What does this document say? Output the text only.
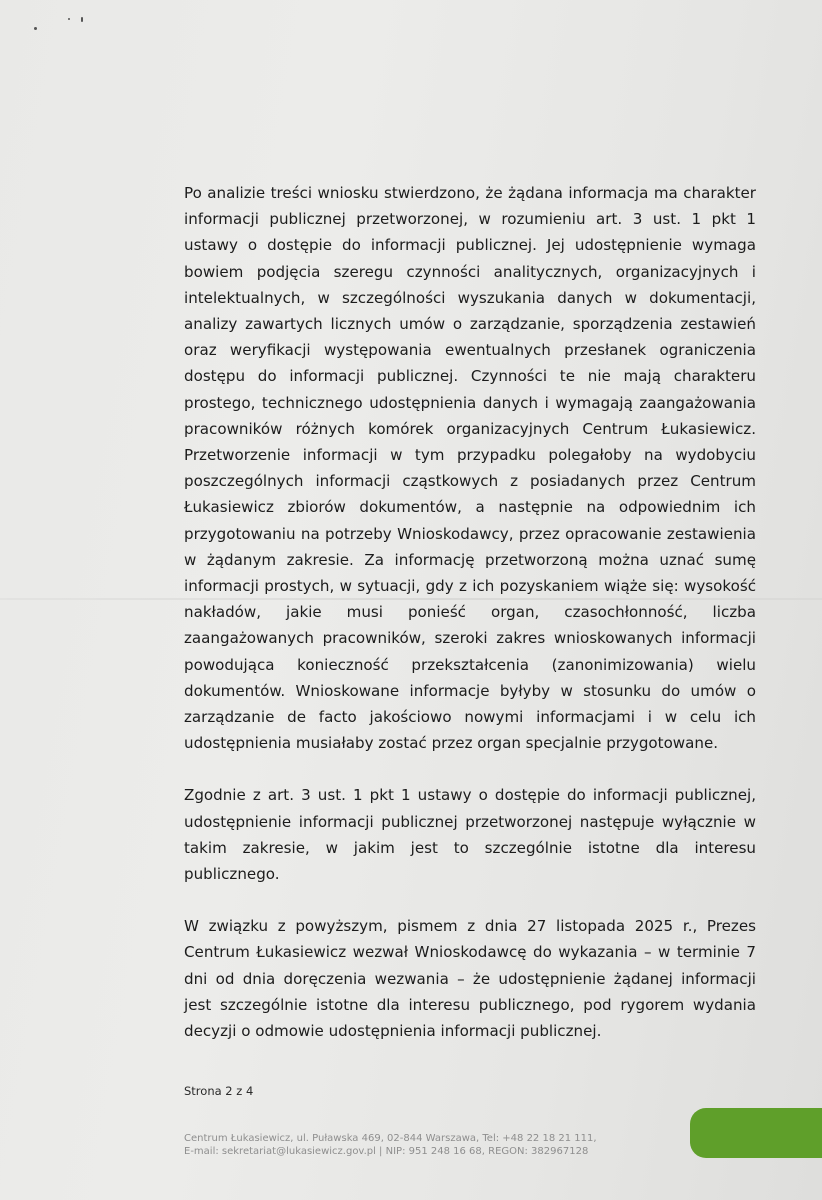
Po analizie treści wniosku stwierdzono, że żądana informacja ma charakter informacji publicznej przetworzonej, w rozumieniu art. 3 ust. 1 pkt 1 ustawy o dostępie do informacji publicznej. Jej udostępnienie wymaga bowiem podjęcia szeregu czynności analitycznych, organizacyjnych i intelektualnych, w szczególności wyszukania danych w dokumentacji, analizy zawartych licznych umów o zarządzanie, sporządzenia zestawień oraz weryfikacji występowania ewentualnych przesłanek ograniczenia dostępu do informacji publicznej. Czynności te nie mają charakteru prostego, technicznego udostępnienia danych i wymagają zaangażowania pracowników różnych komórek organizacyjnych Centrum Łukasiewicz. Przetworzenie informacji w tym przypadku polegałoby na wydobyciu poszczególnych informacji cząstkowych z posiadanych przez Centrum Łukasiewicz zbiorów dokumentów, a następnie na odpowiednim ich przygotowaniu na potrzeby Wnioskodawcy, przez opracowanie zestawienia w żądanym zakresie. Za informację przetworzoną można uznać sumę informacji prostych, w sytuacji, gdy z ich pozyskaniem wiąże się: wysokość nakładów, jakie musi ponieść organ, czasochłonność, liczba zaangażowanych pracowników, szeroki zakres wnioskowanych informacji powodująca konieczność przekształcenia (zanonimizowania) wielu dokumentów. Wnioskowane informacje byłyby w stosunku do umów o zarządzanie de facto jakościowo nowymi informacjami i w celu ich udostępnienia musiałaby zostać przez organ specjalnie przygotowane.

Zgodnie z art. 3 ust. 1 pkt 1 ustawy o dostępie do informacji publicznej, udostępnienie informacji publicznej przetworzonej następuje wyłącznie w takim zakresie, w jakim jest to szczególnie istotne dla interesu publicznego.

W związku z powyższym, pismem z dnia 27 listopada 2025 r., Prezes Centrum Łukasiewicz wezwał Wnioskodawcę do wykazania – w terminie 7 dni od dnia doręczenia wezwania – że udostępnienie żądanej informacji jest szczególnie istotne dla interesu publicznego, pod rygorem wydania decyzji o odmowie udostępnienia informacji publicznej.

Strona 2 z 4
Centrum Łukasiewicz, ul. Puławska 469, 02-844 Warszawa, Tel: +48 22 18 21 111,
E-mail: sekretariat@lukasiewicz.gov.pl | NIP: 951 248 16 68, REGON: 382967128
